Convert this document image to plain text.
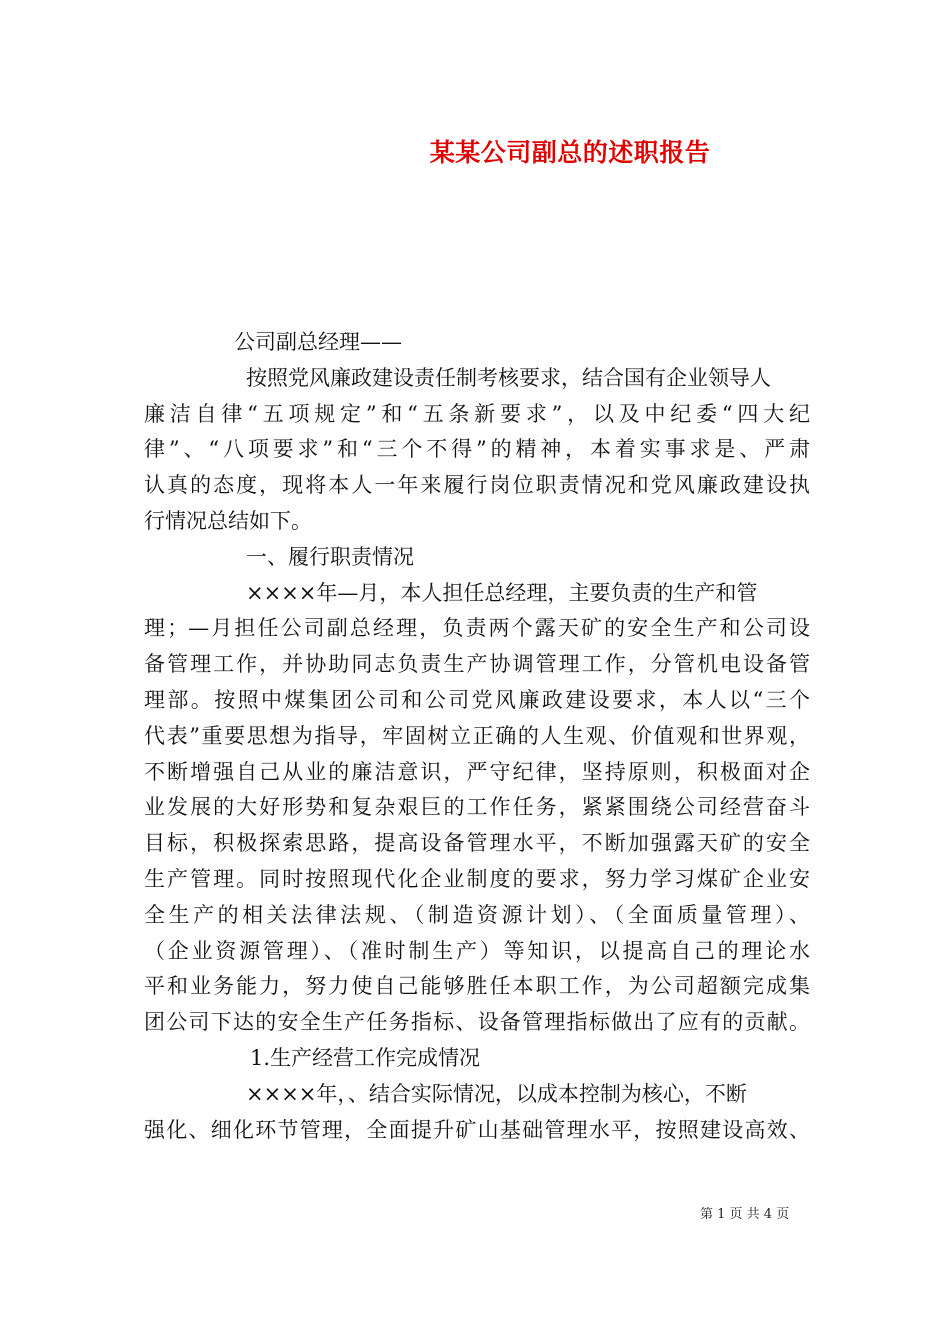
某某公司副总的述职报告

公司副总经理——

按照党风廉政建设责任制考核要求，结合国有企业领导人

廉洁自律“五项规定”和“五条新要求”，以及中纪委“四大纪

律”、“八项要求”和“三个不得”的精神，本着实事求是、严肃

认真的态度，现将本人一年来履行岗位职责情况和党风廉政建设执

行情况总结如下。

一、履行职责情况

××××年—月，本人担任总经理，主要负责的生产和管

理；—月担任公司副总经理，负责两个露天矿的安全生产和公司设

备管理工作，并协助同志负责生产协调管理工作，分管机电设备管

理部。按照中煤集团公司和公司党风廉政建设要求，本人以“三个

代表”重要思想为指导，牢固树立正确的人生观、价值观和世界观，

不断增强自己从业的廉洁意识，严守纪律，坚持原则，积极面对企

业发展的大好形势和复杂艰巨的工作任务，紧紧围绕公司经营奋斗

目标，积极探索思路，提高设备管理水平，不断加强露天矿的安全

生产管理。同时按照现代化企业制度的要求，努力学习煤矿企业安

全生产的相关法律法规、（制造资源计划）、（全面质量管理）、

（企业资源管理）、（准时制生产）等知识，以提高自己的理论水

平和业务能力，努力使自己能够胜任本职工作，为公司超额完成集

团公司下达的安全生产任务指标、设备管理指标做出了应有的贡献。

1.生产经营工作完成情况

××××年，、结合实际情况，以成本控制为核心，不断

强化、细化环节管理，全面提升矿山基础管理水平，按照建设高效、

第 1 页 共 4 页
